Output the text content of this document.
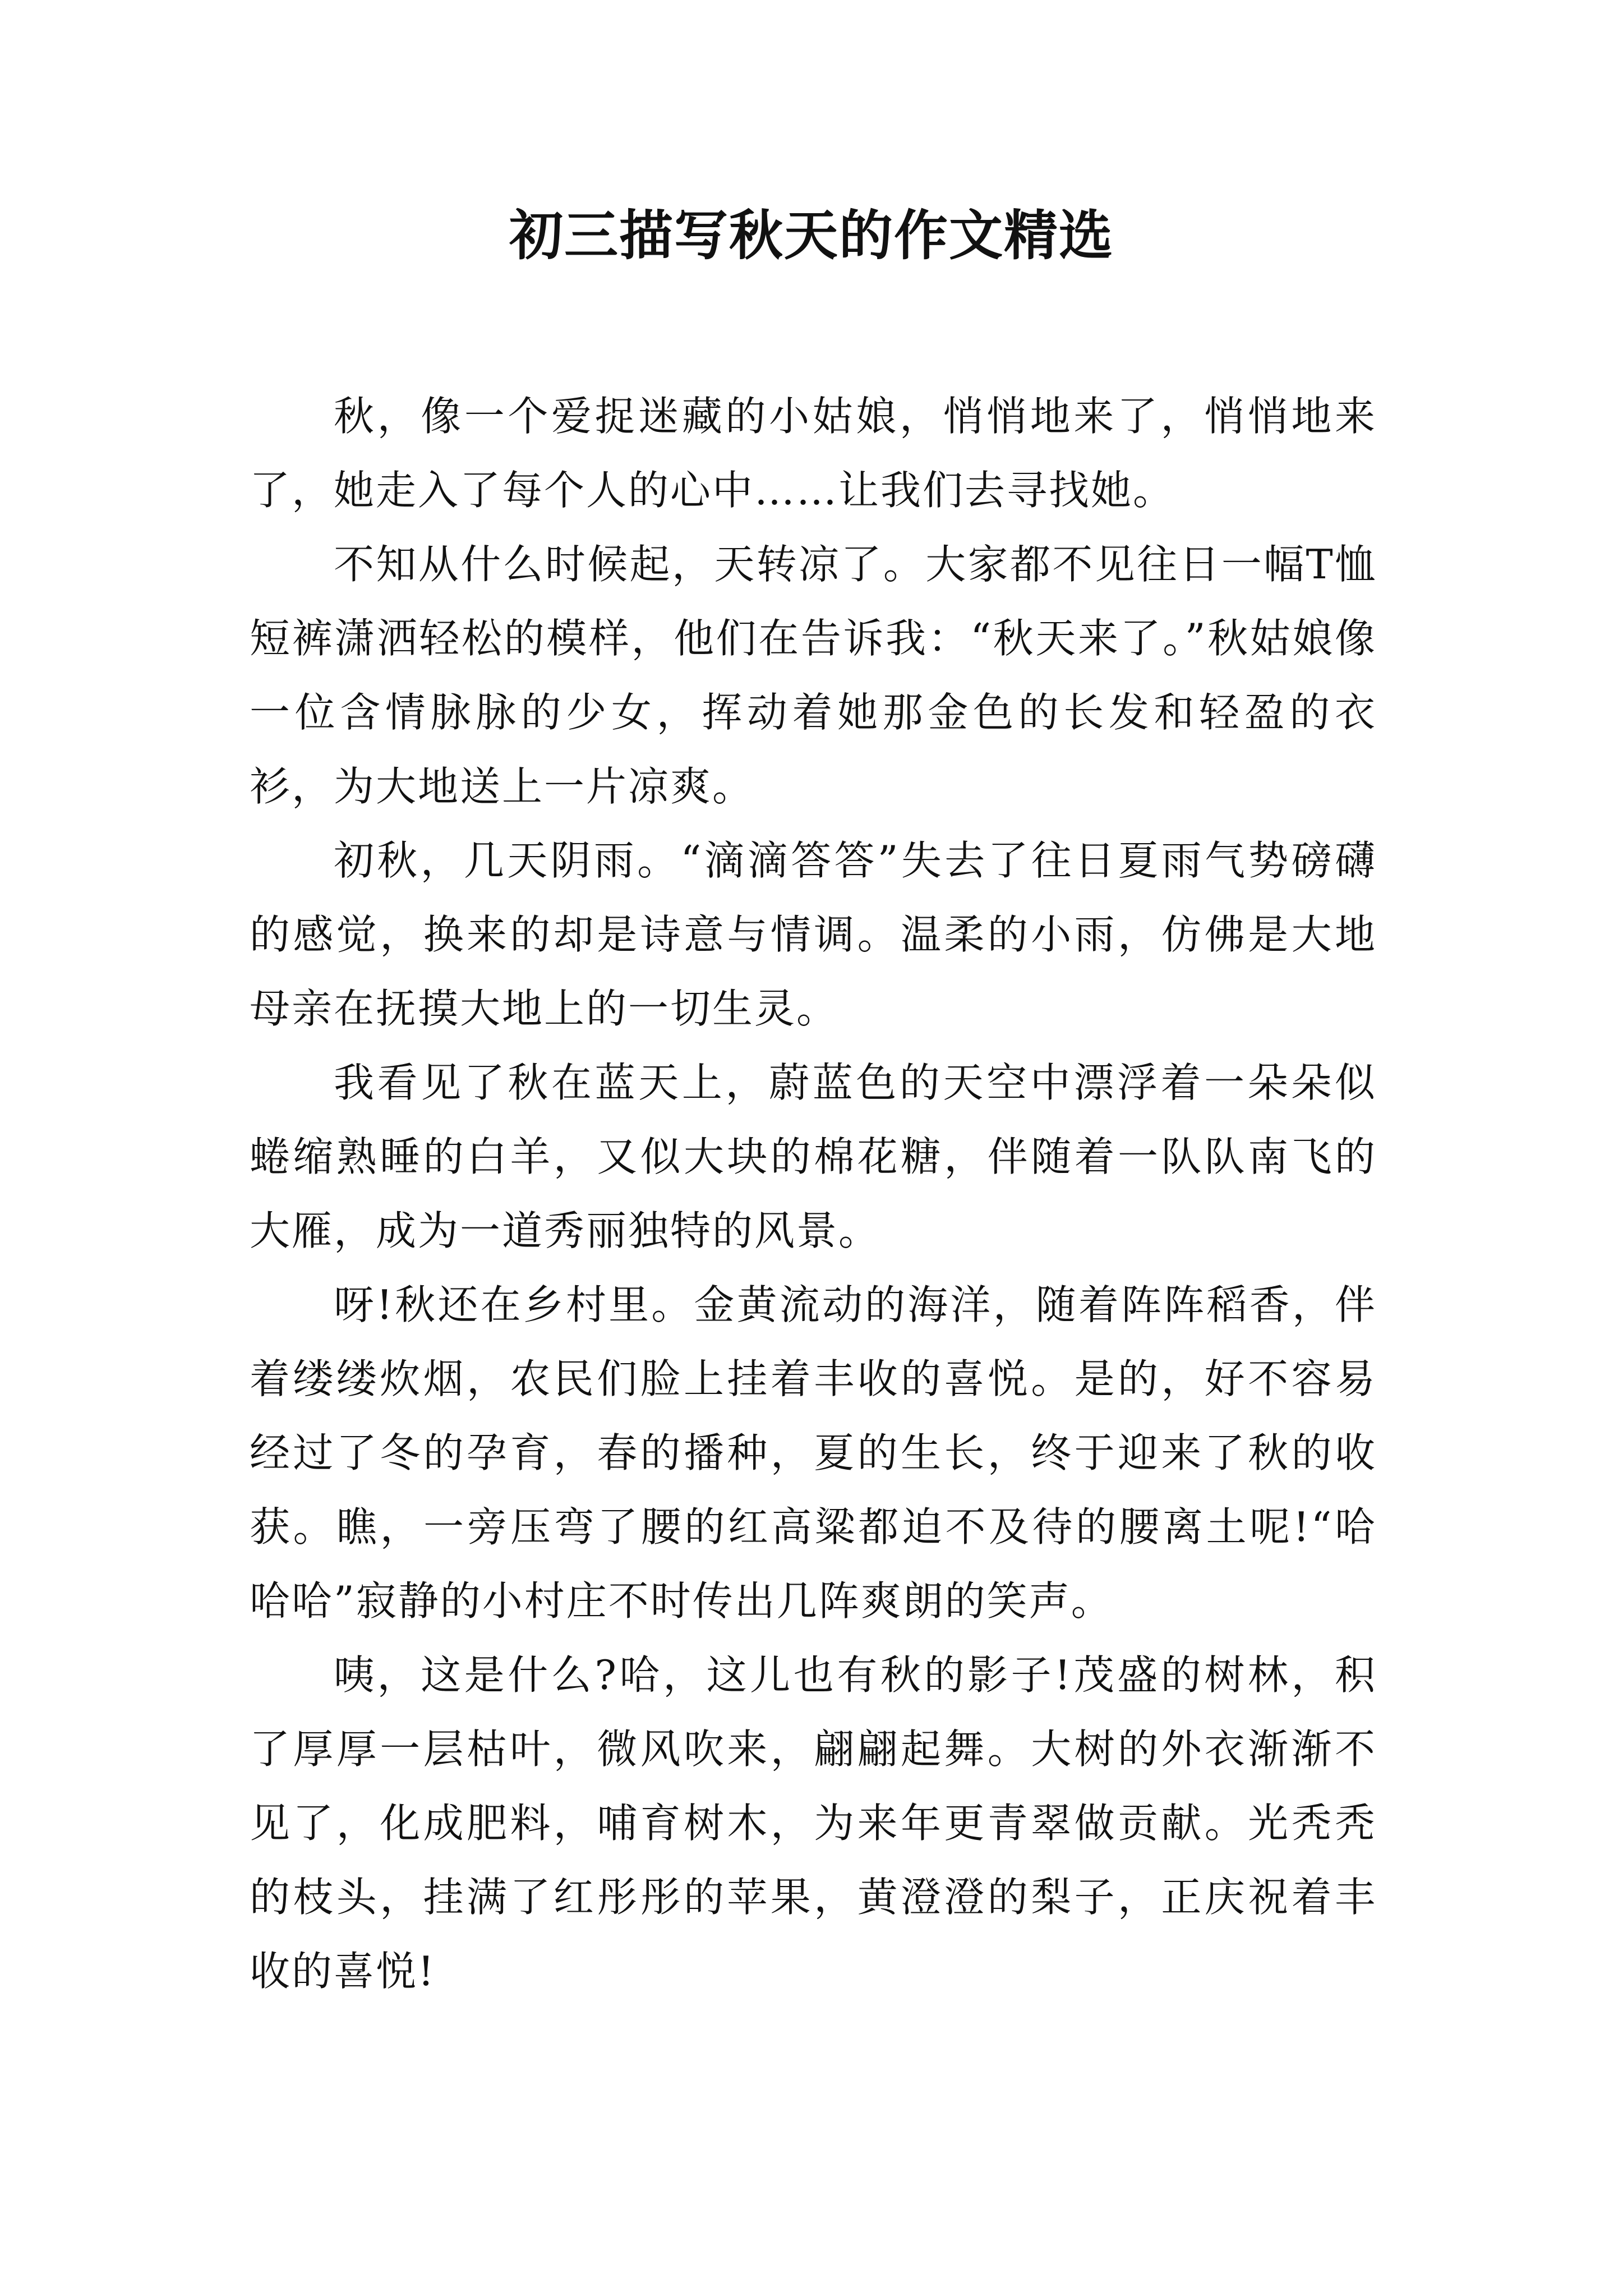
初三描写秋天的作文精选

秋，像一个爱捉迷藏的小姑娘，悄悄地来了，悄悄地来了，她走入了每个人的心中……让我们去寻找她。

不知从什么时候起，天转凉了。大家都不见往日一幅T恤短裤潇洒轻松的模样，他们在告诉我：“秋天来了。”秋姑娘像一位含情脉脉的少女，挥动着她那金色的长发和轻盈的衣衫，为大地送上一片凉爽。

初秋，几天阴雨。“滴滴答答”失去了往日夏雨气势磅礴的感觉，换来的却是诗意与情调。温柔的小雨，仿佛是大地母亲在抚摸大地上的一切生灵。

我看见了秋在蓝天上，蔚蓝色的天空中漂浮着一朵朵似蜷缩熟睡的白羊，又似大块的棉花糖，伴随着一队队南飞的大雁，成为一道秀丽独特的风景。

呀!秋还在乡村里。金黄流动的海洋，随着阵阵稻香，伴着缕缕炊烟，农民们脸上挂着丰收的喜悦。是的，好不容易经过了冬的孕育，春的播种，夏的生长，终于迎来了秋的收获。瞧，一旁压弯了腰的红高粱都迫不及待的腰离土呢!“哈哈哈”寂静的小村庄不时传出几阵爽朗的笑声。

咦，这是什么?哈，这儿也有秋的影子!茂盛的树林，积了厚厚一层枯叶，微风吹来，翩翩起舞。大树的外衣渐渐不见了，化成肥料，哺育树木，为来年更青翠做贡献。光秃秃的枝头，挂满了红彤彤的苹果，黄澄澄的梨子，正庆祝着丰收的喜悦!
